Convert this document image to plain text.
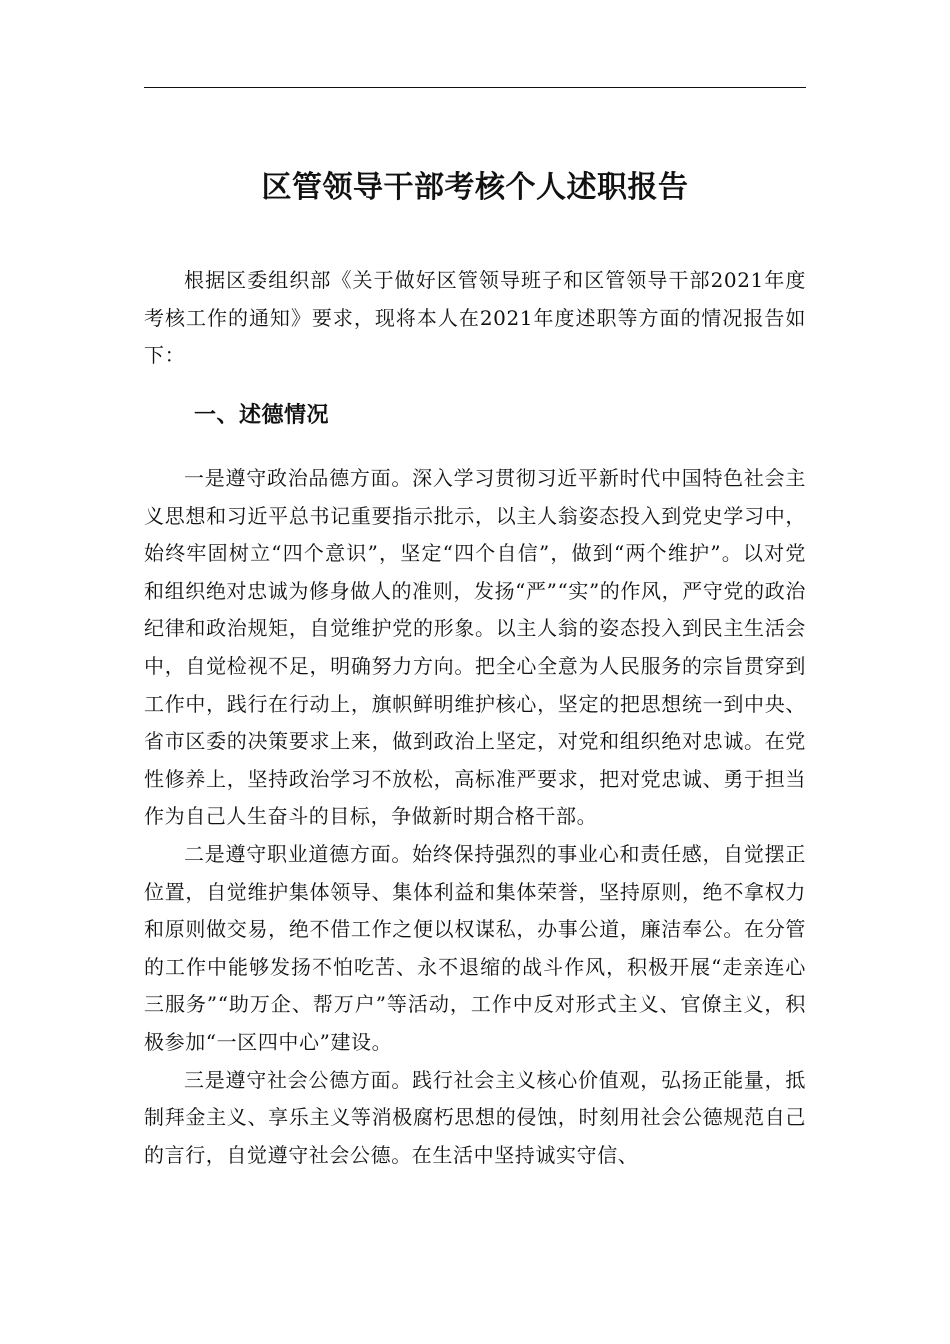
区管领导干部考核个人述职报告

根据区委组织部《关于做好区管领导班子和区管领导干部2021年度考核工作的通知》要求，现将本人在2021年度述职等方面的情况报告如下：

一、述德情况

一是遵守政治品德方面。深入学习贯彻习近平新时代中国特色社会主义思想和习近平总书记重要指示批示，以主人翁姿态投入到党史学习中，始终牢固树立“四个意识”，坚定“四个自信”，做到“两个维护”。以对党和组织绝对忠诚为修身做人的准则，发扬“严”“实”的作风，严守党的政治纪律和政治规矩，自觉维护党的形象。以主人翁的姿态投入到民主生活会中，自觉检视不足，明确努力方向。把全心全意为人民服务的宗旨贯穿到工作中，践行在行动上，旗帜鲜明维护核心，坚定的把思想统一到中央、省市区委的决策要求上来，做到政治上坚定，对党和组织绝对忠诚。在党性修养上，坚持政治学习不放松，高标准严要求，把对党忠诚、勇于担当作为自己人生奋斗的目标，争做新时期合格干部。

二是遵守职业道德方面。始终保持强烈的事业心和责任感，自觉摆正位置，自觉维护集体领导、集体利益和集体荣誉，坚持原则，绝不拿权力和原则做交易，绝不借工作之便以权谋私，办事公道，廉洁奉公。在分管的工作中能够发扬不怕吃苦、永不退缩的战斗作风，积极开展“走亲连心三服务”“助万企、帮万户”等活动，工作中反对形式主义、官僚主义，积极参加“一区四中心”建设。

三是遵守社会公德方面。践行社会主义核心价值观，弘扬正能量，抵制拜金主义、享乐主义等消极腐朽思想的侵蚀，时刻用社会公德规范自己的言行，自觉遵守社会公德。在生活中坚持诚实守信、
